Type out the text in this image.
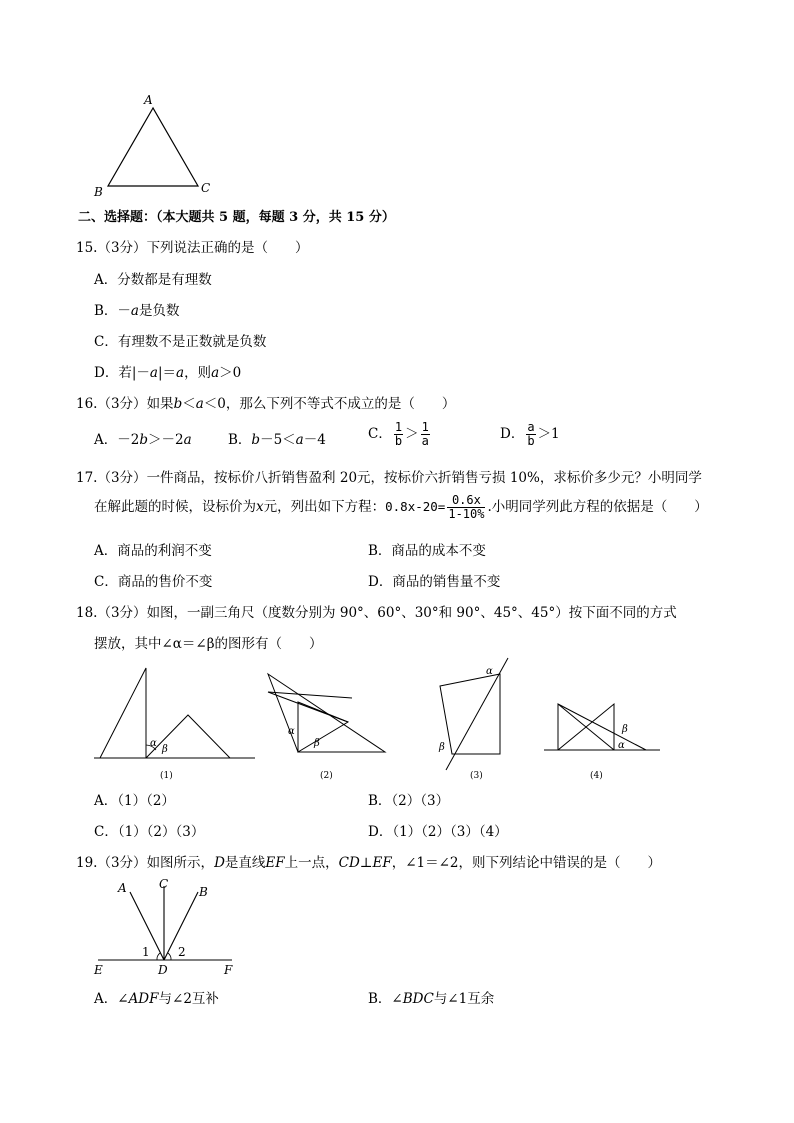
A
B	C
二、选择题：（本大题共 5 题，每题 3 分，共 15 分）
15.（3分）下列说法正确的是（　　）
A．分数都是有理数
B．－a是负数
C．有理数不是正数就是负数
D．若|－a|＝a，则a＞0
16.（3分）如果b＜a＜0，那么下列不等式不成立的是（　　）
A．－2b＞－2a	B．b－5＜a－4	C． $\frac{1}{b} > \frac{1}{a}$	D． $\frac{a}{b} >1$
17.（3分）一件商品，按标价八折销售盈利 20元，按标价六折销售亏损 10%，求标价多少元？小明同学
在解此题的时候，设标价为x元，列出如下方程：$0.8x-20= \frac{0.6x}{1-10\%}$ .小明同学列此方程的依据是（　　）
A．商品的利润不变	B．商品的成本不变
C．商品的售价不变	D．商品的销售量不变
18.（3分）如图，一副三角尺（度数分别为 90°、60°、30°和 90°、45°、45°）按下面不同的方式
摆放，其中∠α＝∠β的图形有（　　）
α
β
(1)
α
β
(2)
α
β
(3)
β
α
(4)
A．（1）（2）	B．（2）（3）
C．（1）（2）（3）	D．（1）（2）（3）（4）
19.（3分）如图所示，D是直线EF上一点，CD⊥EF，∠1＝∠2，则下列结论中错误的是（　　）
A	C
B
1 2
E	D	F
A．∠ADF与∠2互补	B．∠BDC与∠1互余
